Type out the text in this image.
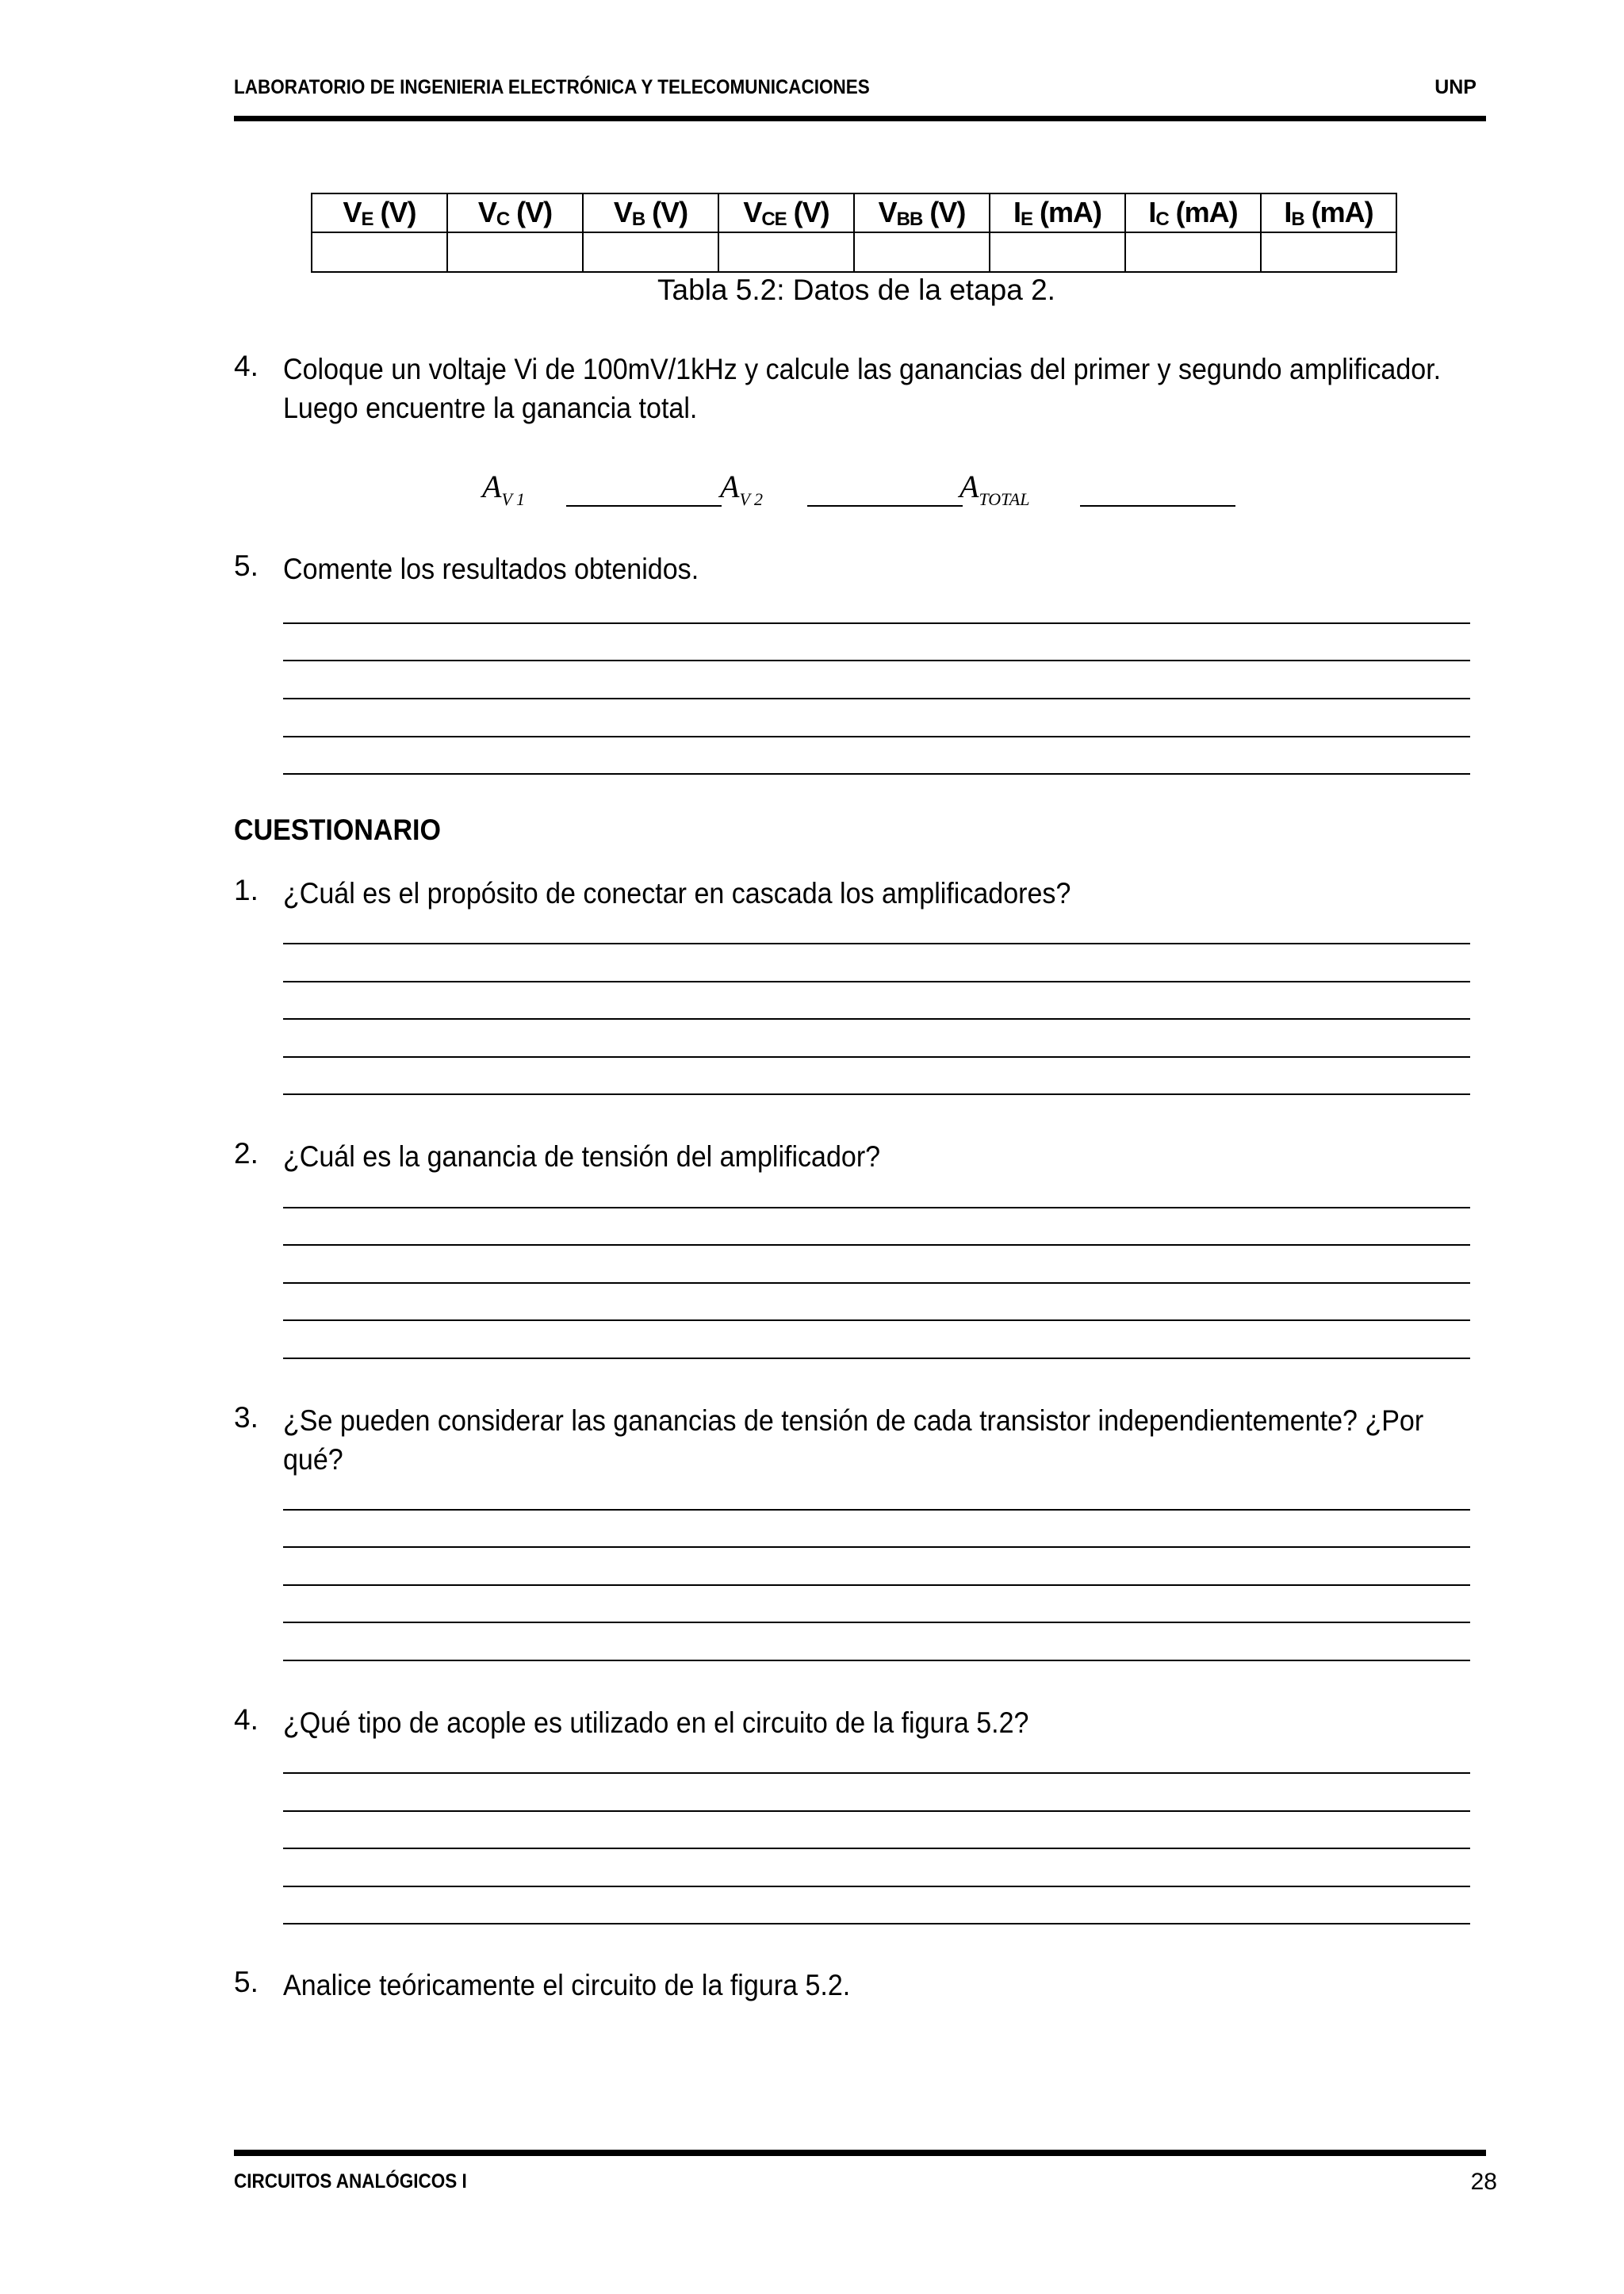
LABORATORIO DE INGENIERIA ELECTRÓNICA Y TELECOMUNICACIONES	UNP
$V_E$ (V)	$V_C$ (V)	$V_B$ (V)	$V_{CE}$ (V)	$V_{BB}$ (V)	$I_E$ (mA)	$I_C$ (mA)	$I_B$ (mA)

Tabla 5.2: Datos de la etapa 2.
4. Coloque un voltaje Vi de 100mV/1kHz y calcule las ganancias del primer y segundo amplificador.
Luego encuentre la ganancia total.
$A_{V 1}$	$A_{V 2}$	$A_{TOTAL}$
5. Comente los resultados obtenidos.
CUESTIONARIO
1. ¿Cuál es el propósito de conectar en cascada los amplificadores?
2. ¿Cuál es la ganancia de tensión del amplificador?
3. ¿Se pueden considerar las ganancias de tensión de cada transistor independientemente? ¿Por
qué?
4. ¿Qué tipo de acople es utilizado en el circuito de la figura 5.2?
5. Analice teóricamente el circuito de la figura 5.2.
CIRCUITOS ANALÓGICOS I	28
